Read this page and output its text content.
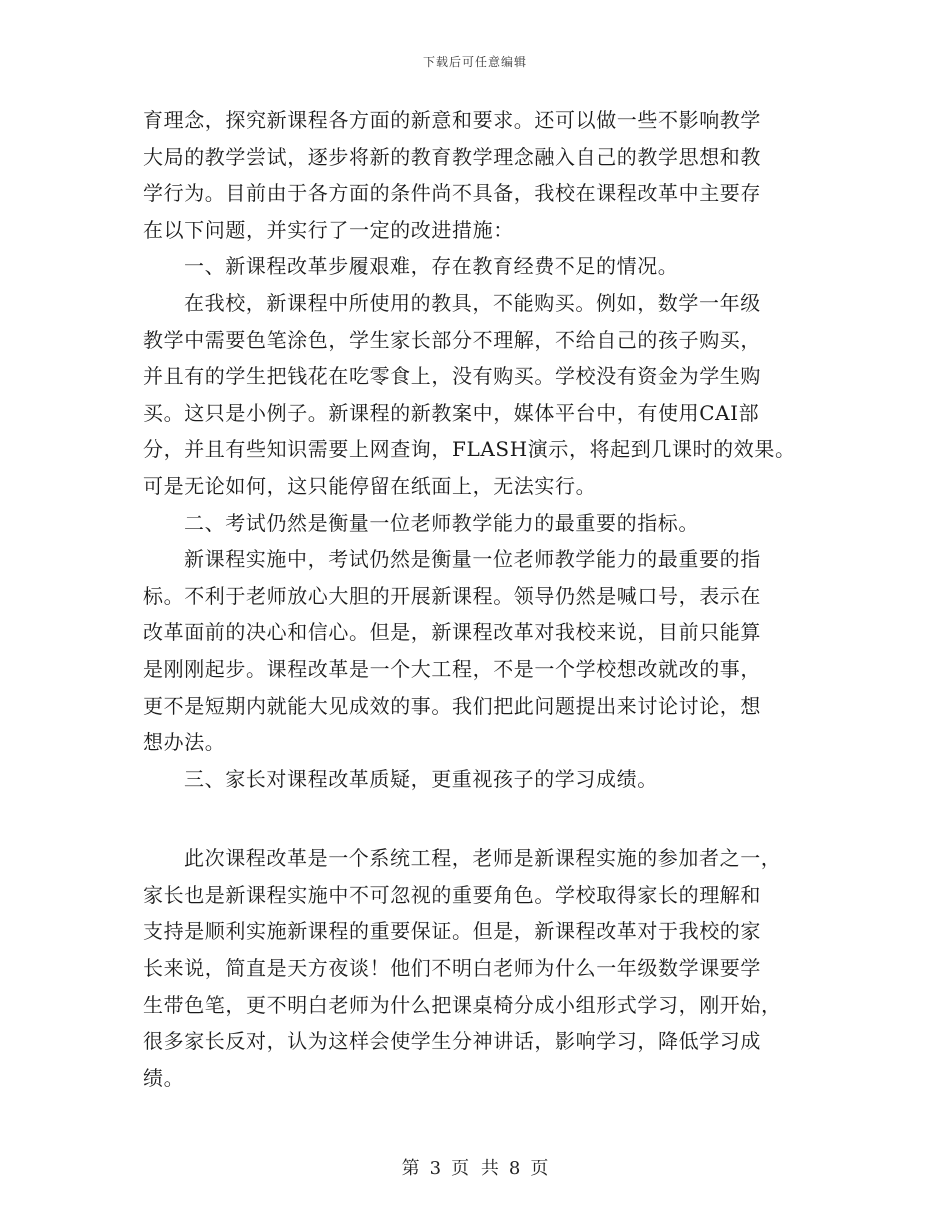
下载后可任意编辑
育理念，探究新课程各方面的新意和要求。还可以做一些不影响教学
大局的教学尝试，逐步将新的教育教学理念融入自己的教学思想和教
学行为。目前由于各方面的条件尚不具备，我校在课程改革中主要存
在以下问题，并实行了一定的改进措施：
一、新课程改革步履艰难，存在教育经费不足的情况。
在我校，新课程中所使用的教具，不能购买。例如，数学一年级
教学中需要色笔涂色，学生家长部分不理解，不给自己的孩子购买，
并且有的学生把钱花在吃零食上，没有购买。学校没有资金为学生购
买。这只是小例子。新课程的新教案中，媒体平台中，有使用CAI部
分，并且有些知识需要上网查询，FLASH演示，将起到几课时的效果。
可是无论如何，这只能停留在纸面上，无法实行。
二、考试仍然是衡量一位老师教学能力的最重要的指标。
新课程实施中，考试仍然是衡量一位老师教学能力的最重要的指
标。不利于老师放心大胆的开展新课程。领导仍然是喊口号，表示在
改革面前的决心和信心。但是，新课程改革对我校来说，目前只能算
是刚刚起步。课程改革是一个大工程，不是一个学校想改就改的事，
更不是短期内就能大见成效的事。我们把此问题提出来讨论讨论，想
想办法。
三、家长对课程改革质疑，更重视孩子的学习成绩。
此次课程改革是一个系统工程，老师是新课程实施的参加者之一，
家长也是新课程实施中不可忽视的重要角色。学校取得家长的理解和
支持是顺利实施新课程的重要保证。但是，新课程改革对于我校的家
长来说，简直是天方夜谈！他们不明白老师为什么一年级数学课要学
生带色笔，更不明白老师为什么把课桌椅分成小组形式学习，刚开始，
很多家长反对，认为这样会使学生分神讲话，影响学习，降低学习成
绩。
第 3 页 共 8 页
